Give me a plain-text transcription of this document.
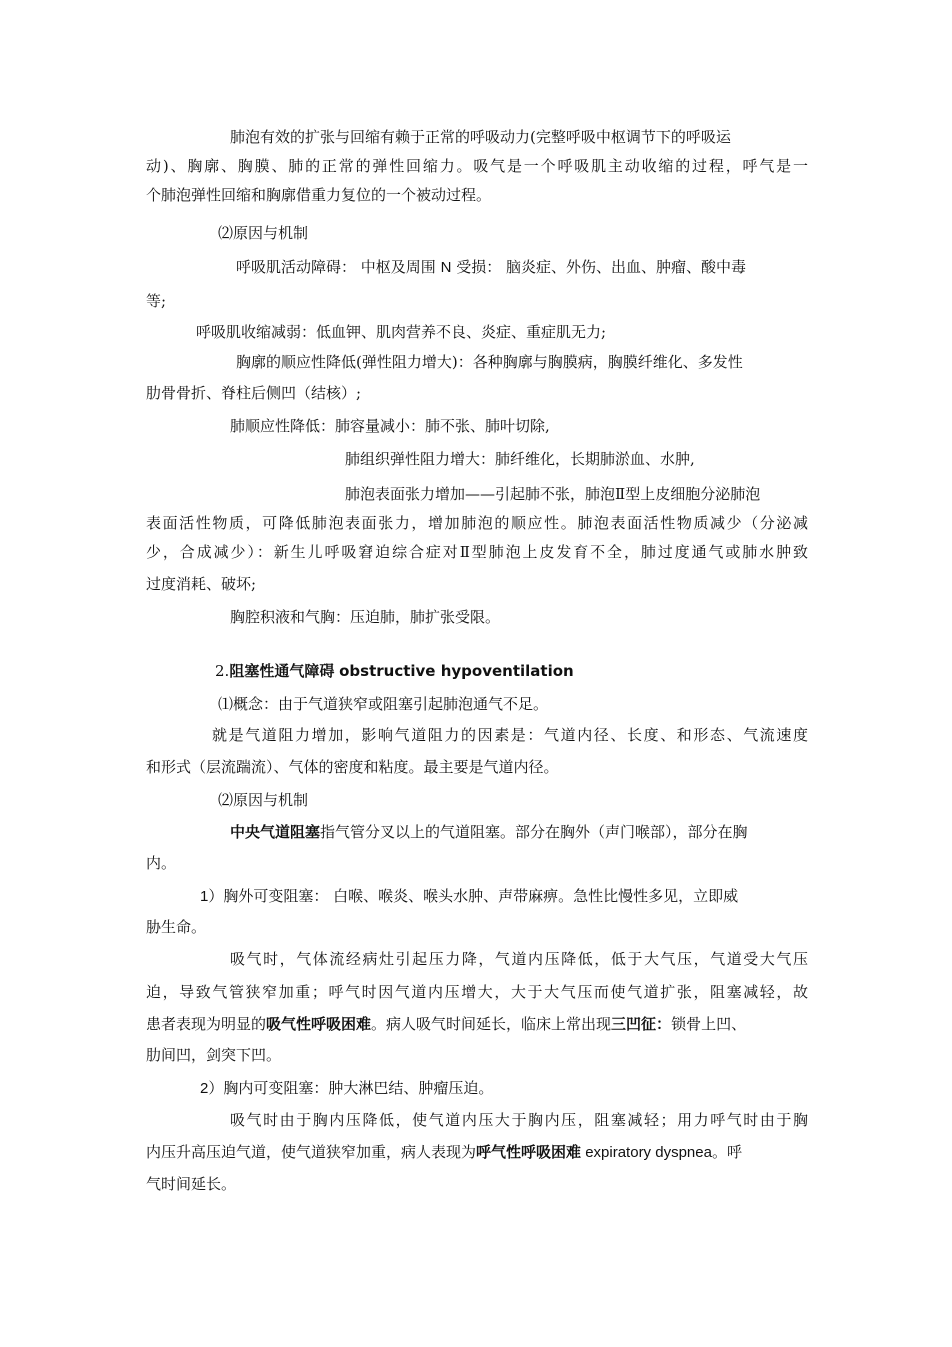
肺泡有效的扩张与回缩有赖于正常的呼吸动力(完整呼吸中枢调节下的呼吸运
动)、胸廓、胸膜、肺的正常的弹性回缩力。吸气是一个呼吸肌主动收缩的过程，呼气是一
个肺泡弹性回缩和胸廓借重力复位的一个被动过程。
⑵原因与机制
呼吸肌活动障碍： 中枢及周围 N 受损： 脑炎症、外伤、出血、肿瘤、酸中毒
等;
呼吸肌收缩减弱：低血钾、肌肉营养不良、炎症、重症肌无力;
胸廓的顺应性降低(弹性阻力增大)：各种胸廓与胸膜病，胸膜纤维化、多发性
肋骨骨折、脊柱后侧凹（结核）;
肺顺应性降低：肺容量减小：肺不张、肺叶切除,
肺组织弹性阻力增大：肺纤维化，长期肺淤血、水肿,
肺泡表面张力增加——引起肺不张，肺泡Ⅱ型上皮细胞分泌肺泡
表面活性物质，可降低肺泡表面张力，增加肺泡的顺应性。肺泡表面活性物质减少（分泌减
少，合成减少）：新生儿呼吸窘迫综合症对Ⅱ型肺泡上皮发育不全，肺过度通气或肺水肿致
过度消耗、破坏;
胸腔积液和气胸：压迫肺，肺扩张受限。
2.阻塞性通气障碍 obstructive hypoventilation
⑴概念：由于气道狭窄或阻塞引起肺泡通气不足。
就是气道阻力增加，影响气道阻力的因素是：气道内径、长度、和形态、气流速度
和形式（层流踹流）、气体的密度和粘度。最主要是气道内径。
⑵原因与机制
中央气道阻塞指气管分叉以上的气道阻塞。部分在胸外（声门喉部），部分在胸
内。
1）胸外可变阻塞： 白喉、喉炎、喉头水肿、声带麻痹。急性比慢性多见，立即威
胁生命。
吸气时，气体流经病灶引起压力降，气道内压降低，低于大气压，气道受大气压
迫，导致气管狭窄加重；呼气时因气道内压增大，大于大气压而使气道扩张，阻塞减轻，故
患者表现为明显的吸气性呼吸困难。病人吸气时间延长，临床上常出现三凹征：锁骨上凹、
肋间凹，剑突下凹。
2）胸内可变阻塞：肿大淋巴结、肿瘤压迫。
吸气时由于胸内压降低，使气道内压大于胸内压，阻塞减轻；用力呼气时由于胸
内压升高压迫气道，使气道狭窄加重，病人表现为呼气性呼吸困难 expiratory dyspnea。呼
气时间延长。
